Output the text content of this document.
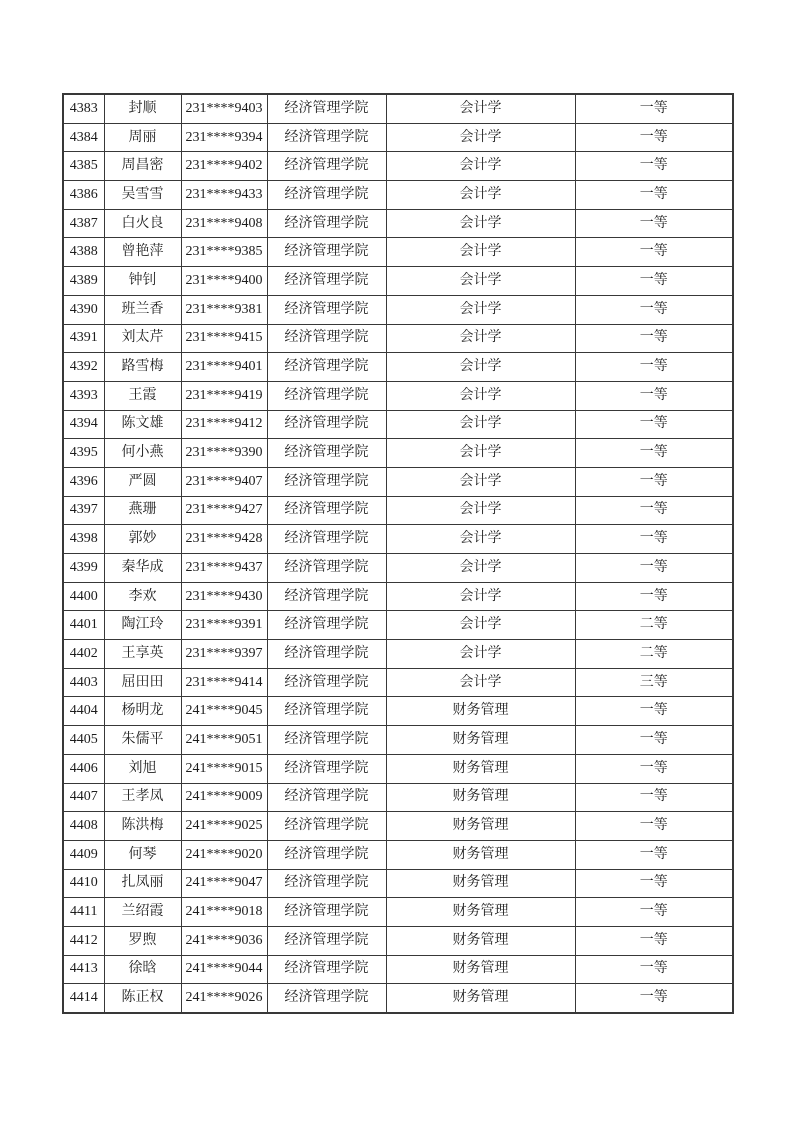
4383	封顺	231****9403	经济管理学院	会计学	一等
4384	周丽	231****9394	经济管理学院	会计学	一等
4385	周昌密	231****9402	经济管理学院	会计学	一等
4386	吴雪雪	231****9433	经济管理学院	会计学	一等
4387	白火良	231****9408	经济管理学院	会计学	一等
4388	曾艳萍	231****9385	经济管理学院	会计学	一等
4389	钟钊	231****9400	经济管理学院	会计学	一等
4390	班兰香	231****9381	经济管理学院	会计学	一等
4391	刘太芹	231****9415	经济管理学院	会计学	一等
4392	路雪梅	231****9401	经济管理学院	会计学	一等
4393	王霞	231****9419	经济管理学院	会计学	一等
4394	陈文雄	231****9412	经济管理学院	会计学	一等
4395	何小燕	231****9390	经济管理学院	会计学	一等
4396	严圆	231****9407	经济管理学院	会计学	一等
4397	燕珊	231****9427	经济管理学院	会计学	一等
4398	郭妙	231****9428	经济管理学院	会计学	一等
4399	秦华成	231****9437	经济管理学院	会计学	一等
4400	李欢	231****9430	经济管理学院	会计学	一等
4401	陶江玲	231****9391	经济管理学院	会计学	二等
4402	王享英	231****9397	经济管理学院	会计学	二等
4403	屈田田	231****9414	经济管理学院	会计学	三等
4404	杨明龙	241****9045	经济管理学院	财务管理	一等
4405	朱儒平	241****9051	经济管理学院	财务管理	一等
4406	刘旭	241****9015	经济管理学院	财务管理	一等
4407	王孝凤	241****9009	经济管理学院	财务管理	一等
4408	陈洪梅	241****9025	经济管理学院	财务管理	一等
4409	何琴	241****9020	经济管理学院	财务管理	一等
4410	扎凤丽	241****9047	经济管理学院	财务管理	一等
4411	兰绍霞	241****9018	经济管理学院	财务管理	一等
4412	罗煦	241****9036	经济管理学院	财务管理	一等
4413	徐晗	241****9044	经济管理学院	财务管理	一等
4414	陈正权	241****9026	经济管理学院	财务管理	一等
